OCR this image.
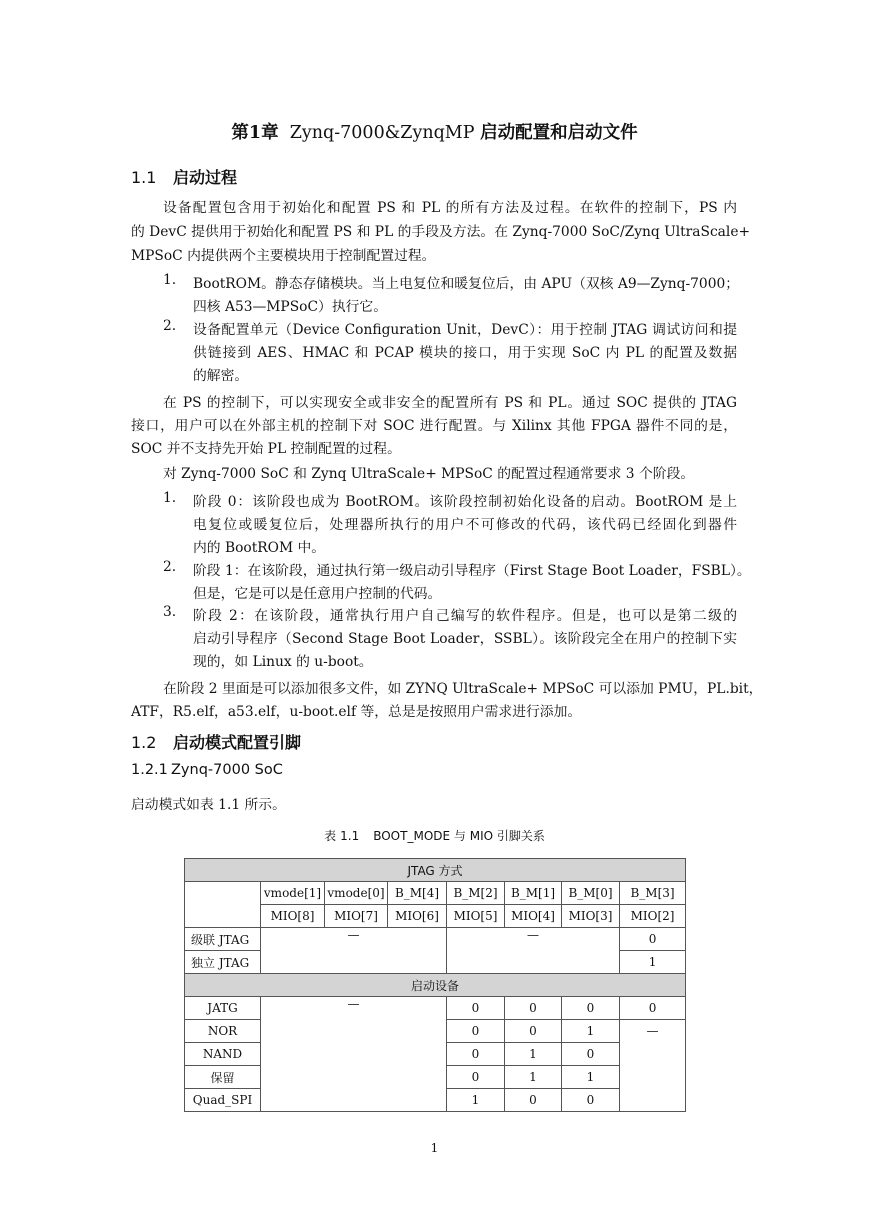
第1章 Zynq-7000&ZynqMP 启动配置和启动文件
1.1 启动过程
设备配置包含用于初始化和配置 PS 和 PL 的所有方法及过程。在软件的控制下，PS 内
的 DevC 提供用于初始化和配置 PS 和 PL 的手段及方法。在 Zynq-7000 SoC/Zynq UltraScale+
MPSoC 内提供两个主要模块用于控制配置过程。
1. BootROM。静态存储模块。当上电复位和暖复位后，由 APU（双核 A9—Zynq-7000；
四核 A53—MPSoC）执行它。
2. 设备配置单元（Device Configuration Unit，DevC）：用于控制 JTAG 调试访问和提
供链接到 AES、HMAC 和 PCAP 模块的接口，用于实现 SoC 内 PL 的配置及数据
的解密。
在 PS 的控制下，可以实现安全或非安全的配置所有 PS 和 PL。通过 SOC 提供的 JTAG
接口，用户可以在外部主机的控制下对 SOC 进行配置。与 Xilinx 其他 FPGA 器件不同的是，
SOC 并不支持先开始 PL 控制配置的过程。
对 Zynq-7000 SoC 和 Zynq UltraScale+ MPSoC 的配置过程通常要求 3 个阶段。
1. 阶段 0：该阶段也成为 BootROM。该阶段控制初始化设备的启动。BootROM 是上
电复位或暖复位后，处理器所执行的用户不可修改的代码，该代码已经固化到器件
内的 BootROM 中。
2. 阶段 1：在该阶段，通过执行第一级启动引导程序（First Stage Boot Loader，FSBL）。
但是，它是可以是任意用户控制的代码。
3. 阶段 2：在该阶段，通常执行用户自己编写的软件程序。但是，也可以是第二级的
启动引导程序（Second Stage Boot Loader，SSBL）。该阶段完全在用户的控制下实
现的，如 Linux 的 u-boot。
在阶段 2 里面是可以添加很多文件，如 ZYNQ UltraScale+ MPSoC 可以添加 PMU，PL.bit，
ATF，R5.elf，a53.elf，u-boot.elf 等，总是是按照用户需求进行添加。
1.2 启动模式配置引脚
1.2.1 Zynq-7000 SoC
启动模式如表 1.1 所示。
表 1.1 BOOT_MODE 与 MIO 引脚关系
JTAG 方式							
	vmode[1]	vmode[0]	B_M[4]	B_M[2]	B_M[1]	B_M[0]	B_M[3]
	MIO[8]	MIO[7]	MIO[6]	MIO[5]	MIO[4]	MIO[3]	MIO[2]
级联 JTAG	—			—			0
独立 JTAG							1
启动设备							
JATG	—			0	0	0	0
NOR				0	0	1	—
NAND				0	1	0	
保留				0	1	1	
Quad_SPI				1	0	0	
1
